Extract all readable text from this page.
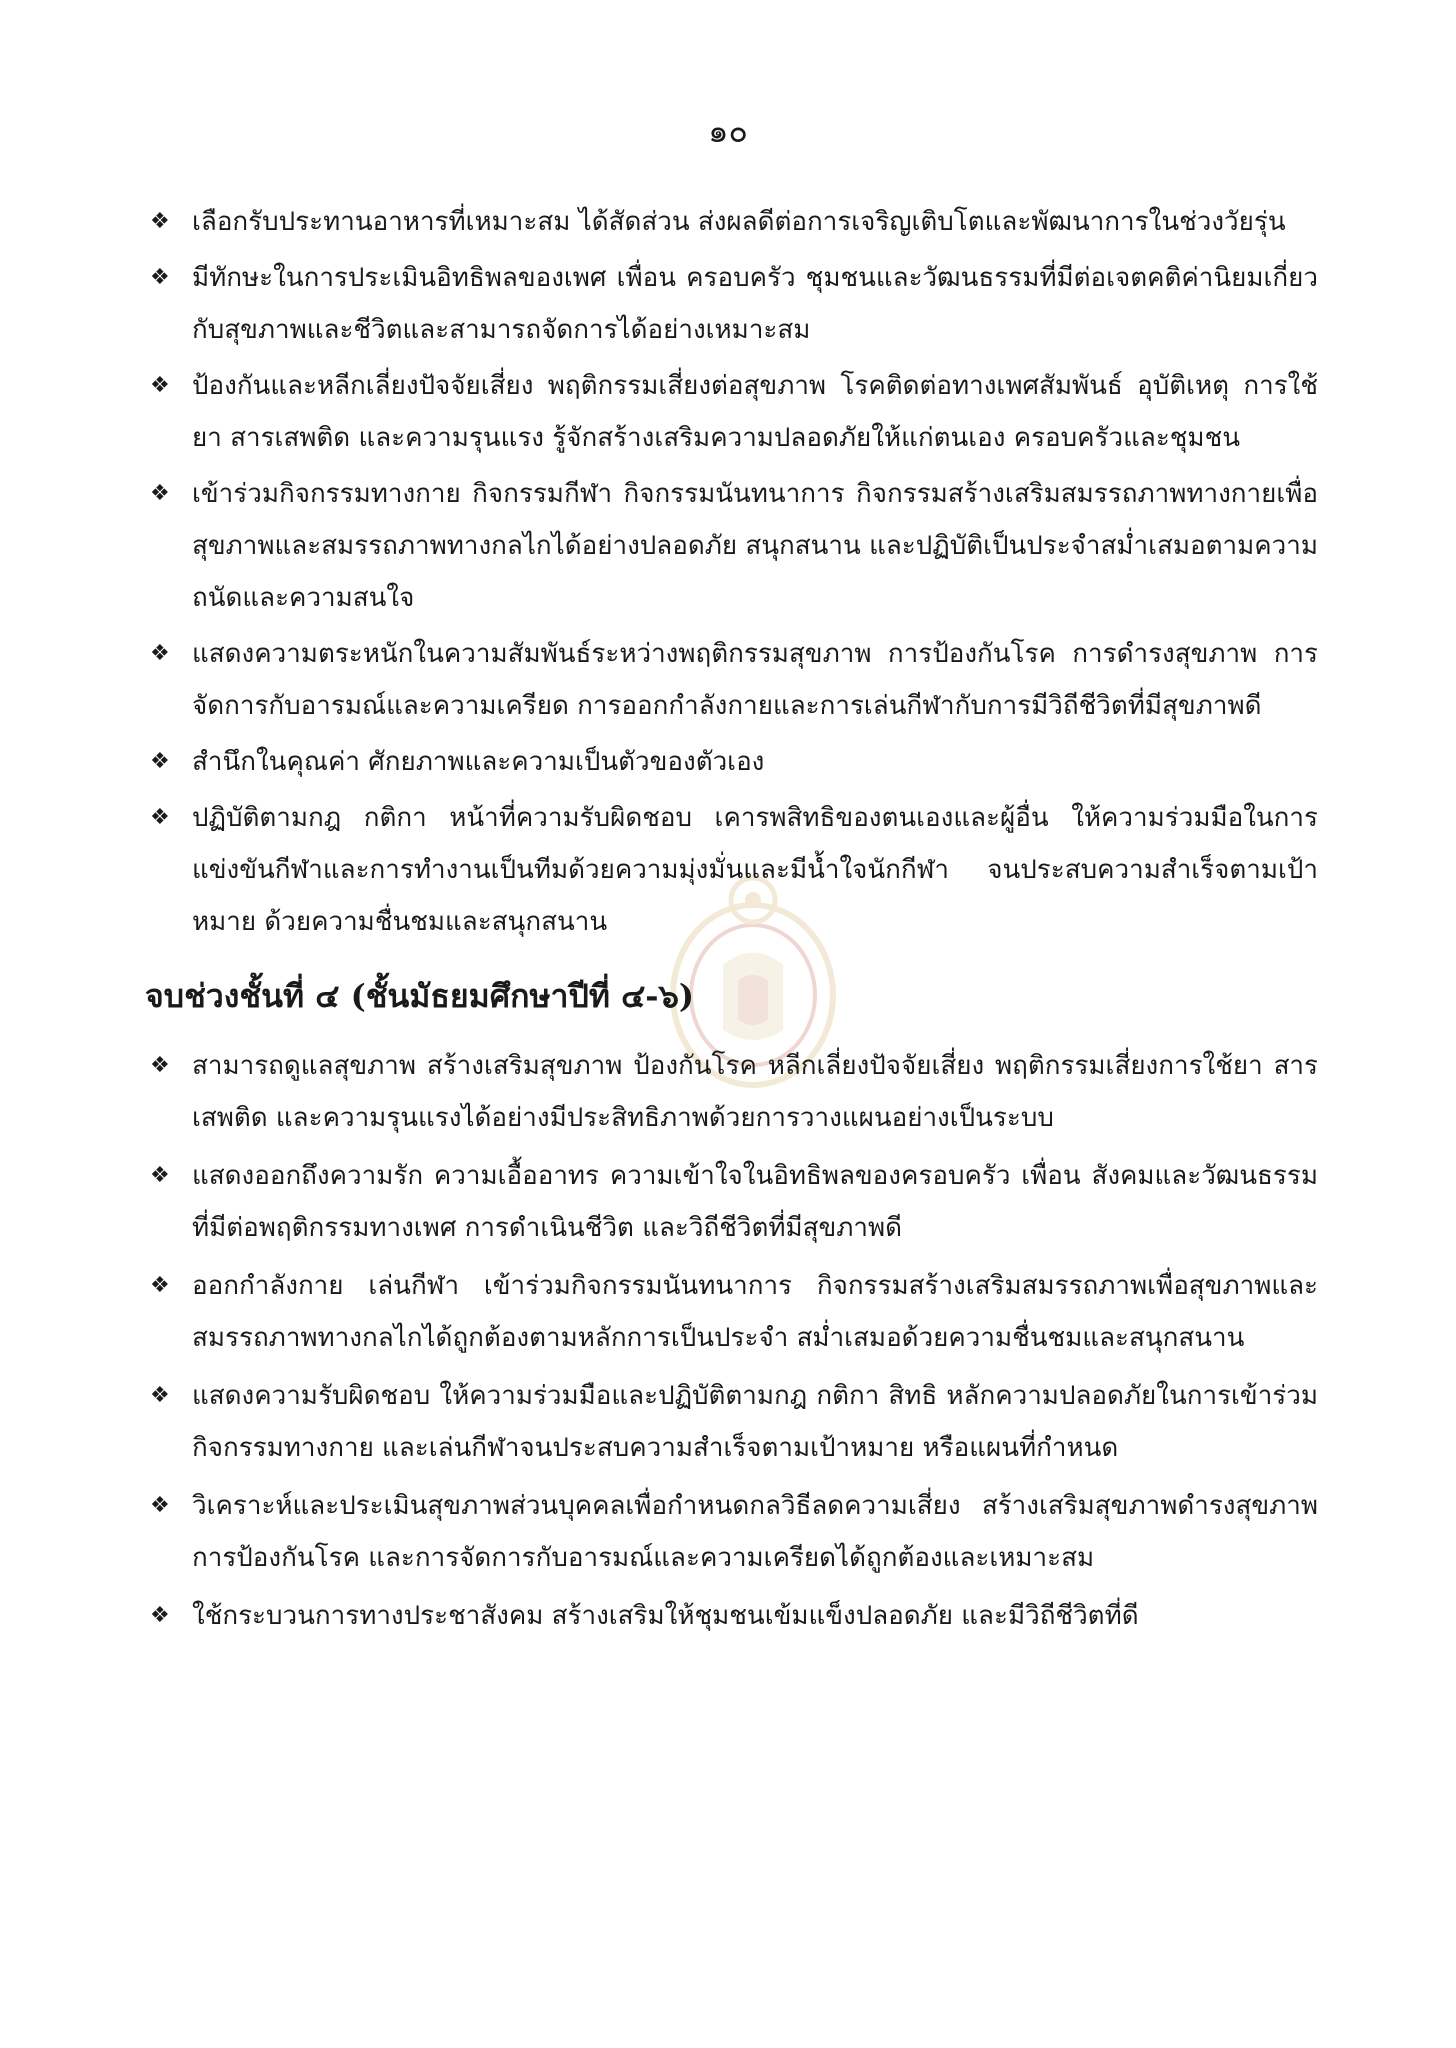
๑๐
❖ เลือกรับประทานอาหารที่เหมาะสม ได้สัดส่วน ส่งผลดีต่อการเจริญเติบโตและพัฒนาการในช่วงวัยรุ่น
❖ มีทักษะในการประเมินอิทธิพลของเพศ เพื่อน ครอบครัว ชุมชนและวัฒนธรรมที่มีต่อเจตคติค่านิยมเกี่ยวกับสุขภาพและชีวิตและสามารถจัดการได้อย่างเหมาะสม
❖ ป้องกันและหลีกเลี่ยงปัจจัยเสี่ยง พฤติกรรมเสี่ยงต่อสุขภาพ โรคติดต่อทางเพศสัมพันธ์ อุบัติเหตุ การใช้ยา สารเสพติด และความรุนแรง รู้จักสร้างเสริมความปลอดภัยให้แก่ตนเอง ครอบครัวและชุมชน
❖ เข้าร่วมกิจกรรมทางกาย กิจกรรมกีฬา กิจกรรมนันทนาการ กิจกรรมสร้างเสริมสมรรถภาพทางกายเพื่อสุขภาพและสมรรถภาพทางกลไกได้อย่างปลอดภัย สนุกสนาน และปฏิบัติเป็นประจำสม่ำเสมอตามความถนัดและความสนใจ
❖ แสดงความตระหนักในความสัมพันธ์ระหว่างพฤติกรรมสุขภาพ การป้องกันโรค การดำรงสุขภาพ การจัดการกับอารมณ์และความเครียด การออกกำลังกายและการเล่นกีฬากับการมีวิถีชีวิตที่มีสุขภาพดี
❖ สำนึกในคุณค่า ศักยภาพและความเป็นตัวของตัวเอง
❖ ปฏิบัติตามกฎ กติกา หน้าที่ความรับผิดชอบ เคารพสิทธิของตนเองและผู้อื่น ให้ความร่วมมือในการแข่งขันกีฬาและการทำงานเป็นทีมด้วยความมุ่งมั่นและมีน้ำใจนักกีฬา จนประสบความสำเร็จตามเป้าหมาย ด้วยความชื่นชมและสนุกสนาน
จบช่วงชั้นที่ ๔ (ชั้นมัธยมศึกษาปีที่ ๔-๖)
❖ สามารถดูแลสุขภาพ สร้างเสริมสุขภาพ ป้องกันโรค หลีกเลี่ยงปัจจัยเสี่ยง พฤติกรรมเสี่ยงการใช้ยา สารเสพติด และความรุนแรงได้อย่างมีประสิทธิภาพด้วยการวางแผนอย่างเป็นระบบ
❖ แสดงออกถึงความรัก ความเอื้ออาทร ความเข้าใจในอิทธิพลของครอบครัว เพื่อน สังคมและวัฒนธรรมที่มีต่อพฤติกรรมทางเพศ การดำเนินชีวิต และวิถีชีวิตที่มีสุขภาพดี
❖ ออกกำลังกาย เล่นกีฬา เข้าร่วมกิจกรรมนันทนาการ กิจกรรมสร้างเสริมสมรรถภาพเพื่อสุขภาพและสมรรถภาพทางกลไกได้ถูกต้องตามหลักการเป็นประจำ สม่ำเสมอด้วยความชื่นชมและสนุกสนาน
❖ แสดงความรับผิดชอบ ให้ความร่วมมือและปฏิบัติตามกฎ กติกา สิทธิ หลักความปลอดภัยในการเข้าร่วมกิจกรรมทางกาย และเล่นกีฬาจนประสบความสำเร็จตามเป้าหมาย หรือแผนที่กำหนด
❖ วิเคราะห์และประเมินสุขภาพส่วนบุคคลเพื่อกำหนดกลวิธีลดความเสี่ยง สร้างเสริมสุขภาพดำรงสุขภาพ การป้องกันโรค และการจัดการกับอารมณ์และความเครียดได้ถูกต้องและเหมาะสม
❖ ใช้กระบวนการทางประชาสังคม สร้างเสริมให้ชุมชนเข้มแข็งปลอดภัย และมีวิถีชีวิตที่ดี
